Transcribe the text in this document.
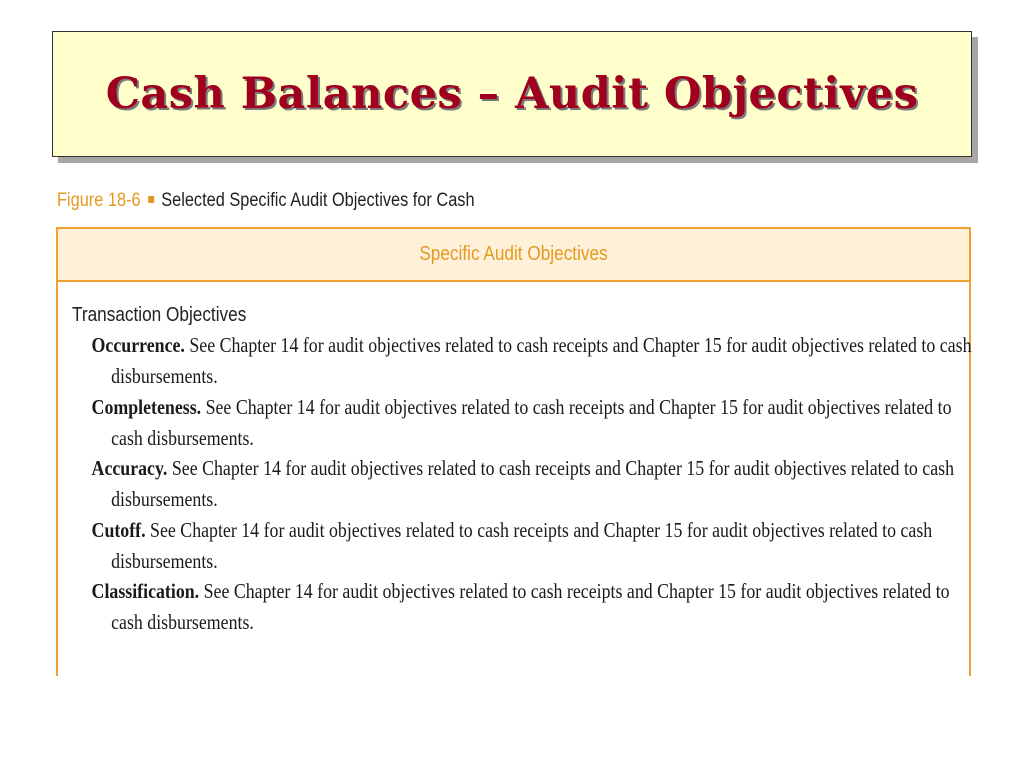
Cash Balances – Audit Objectives
Figure 18-6 Selected Specific Audit Objectives for Cash
Specific Audit Objectives
Transaction Objectives
Occurrence. See Chapter 14 for audit objectives related to cash receipts and Chapter 15 for audit objectives related to cash disbursements.
Completeness. See Chapter 14 for audit objectives related to cash receipts and Chapter 15 for audit objectives related to cash disbursements.
Accuracy. See Chapter 14 for audit objectives related to cash receipts and Chapter 15 for audit objectives related to cash disbursements.
Cutoff. See Chapter 14 for audit objectives related to cash receipts and Chapter 15 for audit objectives related to cash disbursements.
Classification. See Chapter 14 for audit objectives related to cash receipts and Chapter 15 for audit objectives related to cash disbursements.
